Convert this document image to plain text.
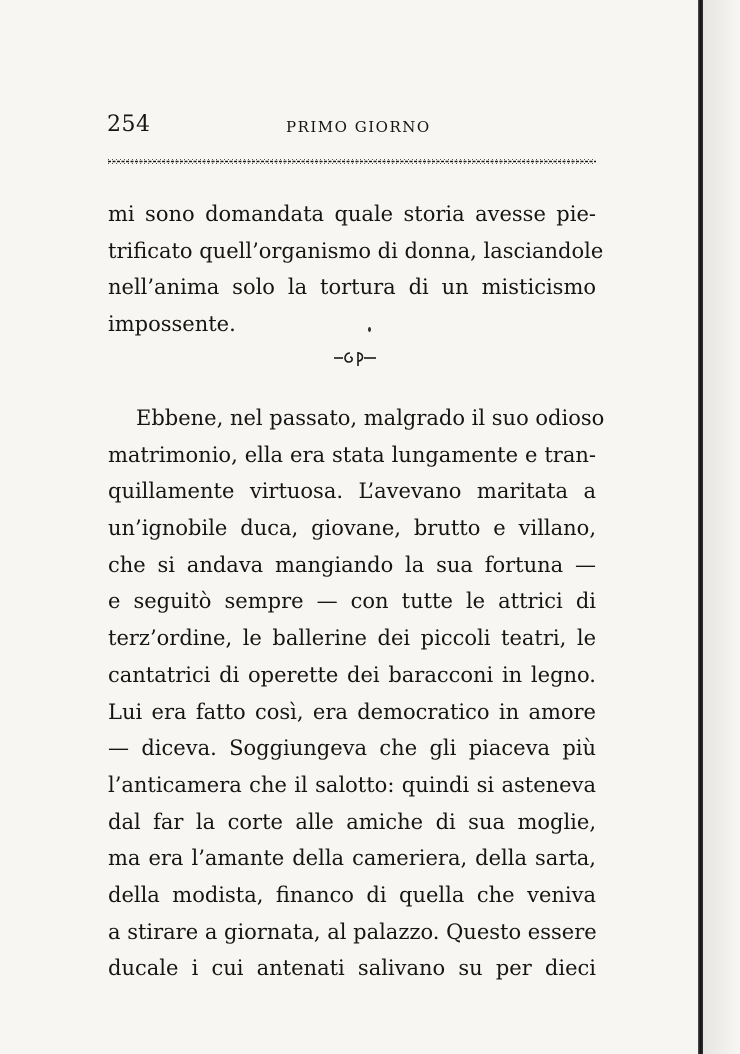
254	PRIMO GIORNO
mi sono domandata quale storia avesse pie-
trificato quell’organismo di donna, lasciandole
nell’anima solo la tortura di un misticismo
impossente.
Ebbene, nel passato, malgrado il suo odioso
matrimonio, ella era stata lungamente e tran-
quillamente virtuosa. L’avevano maritata a
un’ignobile duca, giovane, brutto e villano,
che si andava mangiando la sua fortuna —
e seguitò sempre — con tutte le attrici di
terz’ordine, le ballerine dei piccoli teatri, le
cantatrici di operette dei baracconi in legno.
Lui era fatto così, era democratico in amore
— diceva. Soggiungeva che gli piaceva più
l’anticamera che il salotto: quindi si asteneva
dal far la corte alle amiche di sua moglie,
ma era l’amante della cameriera, della sarta,
della modista, financo di quella che veniva
a stirare a giornata, al palazzo. Questo essere
ducale i cui antenati salivano su per dieci
